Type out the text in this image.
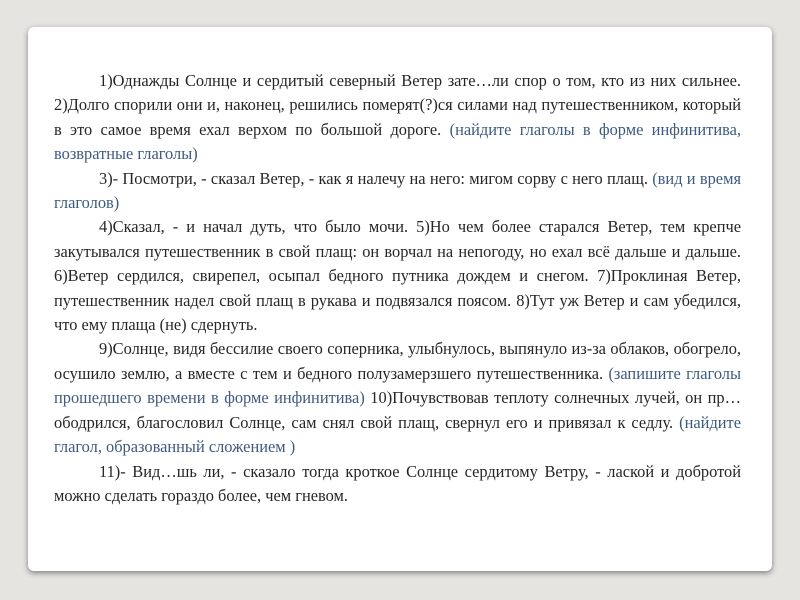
1)Однажды Солнце и сердитый северный Ветер зате…ли спор о том, кто из них сильнее. 2)Долго спорили они и, наконец, решились померят(?)ся силами над путешественником, который в это самое время ехал верхом по большой дороге. (найдите глаголы в форме инфинитива, возвратные глаголы)

3)- Посмотри, - сказал Ветер, - как я налечу на него: мигом сорву с него плащ. (вид и время глаголов)

4)Сказал, - и начал дуть, что было мочи. 5)Но чем более старался Ветер, тем крепче закутывался путешественник в свой плащ: он ворчал на непогоду, но ехал всё дальше и дальше. 6)Ветер сердился, свирепел, осыпал бедного путника дождем и снегом. 7)Проклиная Ветер, путешественник надел свой плащ в рукава и подвязался поясом. 8)Тут уж Ветер и сам убедился, что ему плаща (не) сдернуть.

9)Солнце, видя бессилие своего соперника, улыбнулось, выпянуло из-за облаков, обогрело, осушило землю, а вместе с тем и бедного полузамерзшего путешественника. (запишите глаголы прошедшего времени в форме инфинитива) 10)Почувствовав теплоту солнечных лучей, он пр…ободрился, благословил Солнце, сам снял свой плащ, свернул его и привязал к седлу. (найдите глагол, образованный сложением )

11)- Вид…шь ли, - сказало тогда кроткое Солнце сердитому Ветру, - лаской и добротой можно сделать гораздо более, чем гневом.
